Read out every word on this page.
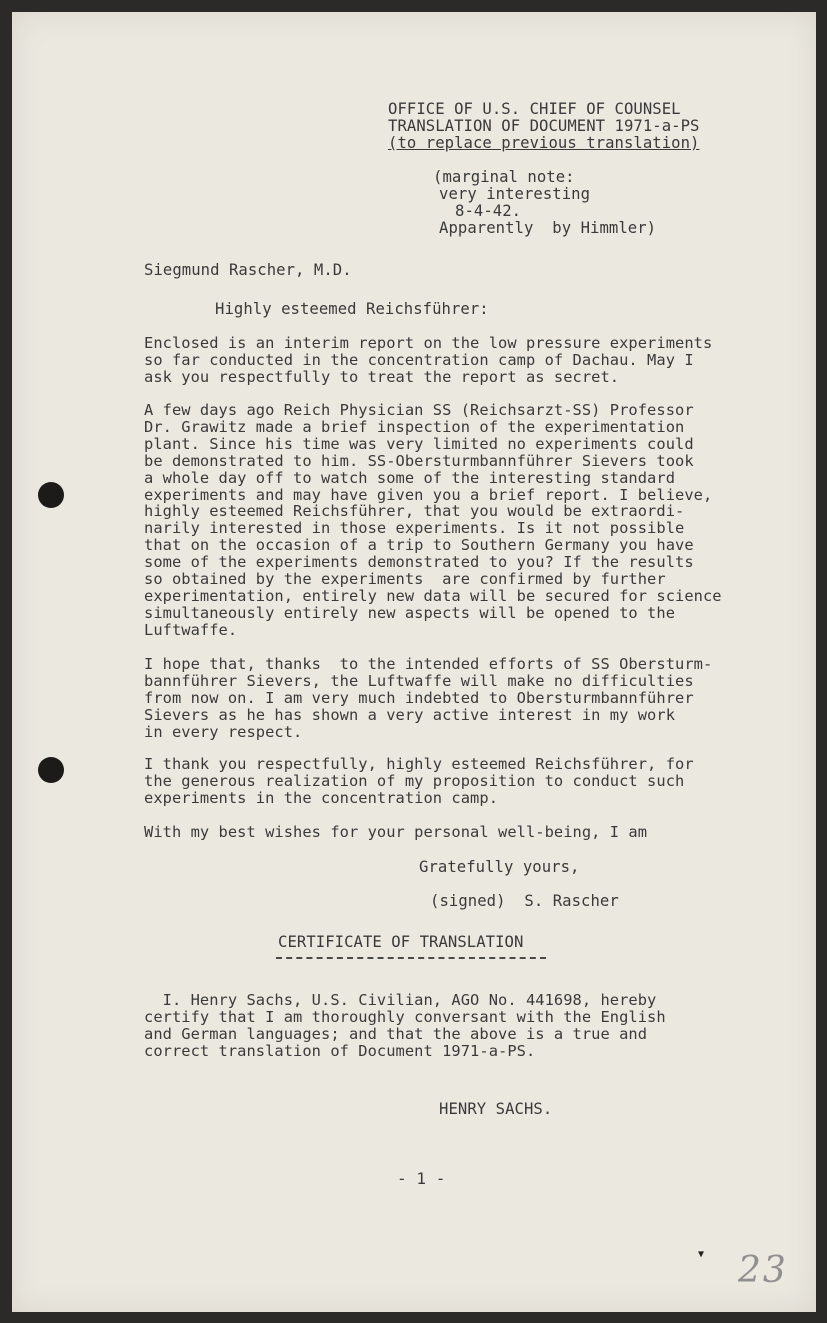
OFFICE OF U.S. CHIEF OF COUNSEL

TRANSLATION OF DOCUMENT 1971-a-PS

(to replace previous translation)

(marginal note:

very interesting

8-4-42.

Apparently  by Himmler)

Siegmund Rascher, M.D.

Highly esteemed Reichsführer:

Enclosed is an interim report on the low pressure experiments
so far conducted in the concentration camp of Dachau. May I
ask you respectfully to treat the report as secret.

A few days ago Reich Physician SS (Reichsarzt-SS) Professor
Dr. Grawitz made a brief inspection of the experimentation
plant. Since his time was very limited no experiments could
be demonstrated to him. SS-Obersturmbannführer Sievers took
a whole day off to watch some of the interesting standard
experiments and may have given you a brief report. I believe,
highly esteemed Reichsführer, that you would be extraordi-
narily interested in those experiments. Is it not possible
that on the occasion of a trip to Southern Germany you have
some of the experiments demonstrated to you? If the results
so obtained by the experiments  are confirmed by further
experimentation, entirely new data will be secured for science
simultaneously entirely new aspects will be opened to the
Luftwaffe.

I hope that, thanks  to the intended efforts of SS Obersturm-
bannführer Sievers, the Luftwaffe will make no difficulties
from now on. I am very much indebted to Obersturmbannführer
Sievers as he has shown a very active interest in my work
in every respect.

I thank you respectfully, highly esteemed Reichsführer, for
the generous realization of my proposition to conduct such
experiments in the concentration camp.

With my best wishes for your personal well-being, I am

Gratefully yours,

(signed)  S. Rascher

CERTIFICATE OF TRANSLATION

I. Henry Sachs, U.S. Civilian, AGO No. 441698, hereby
certify that I am thoroughly conversant with the English
and German languages; and that the above is a true and
correct translation of Document 1971-a-PS.

HENRY SACHS.

- 1 -

▼ 23
